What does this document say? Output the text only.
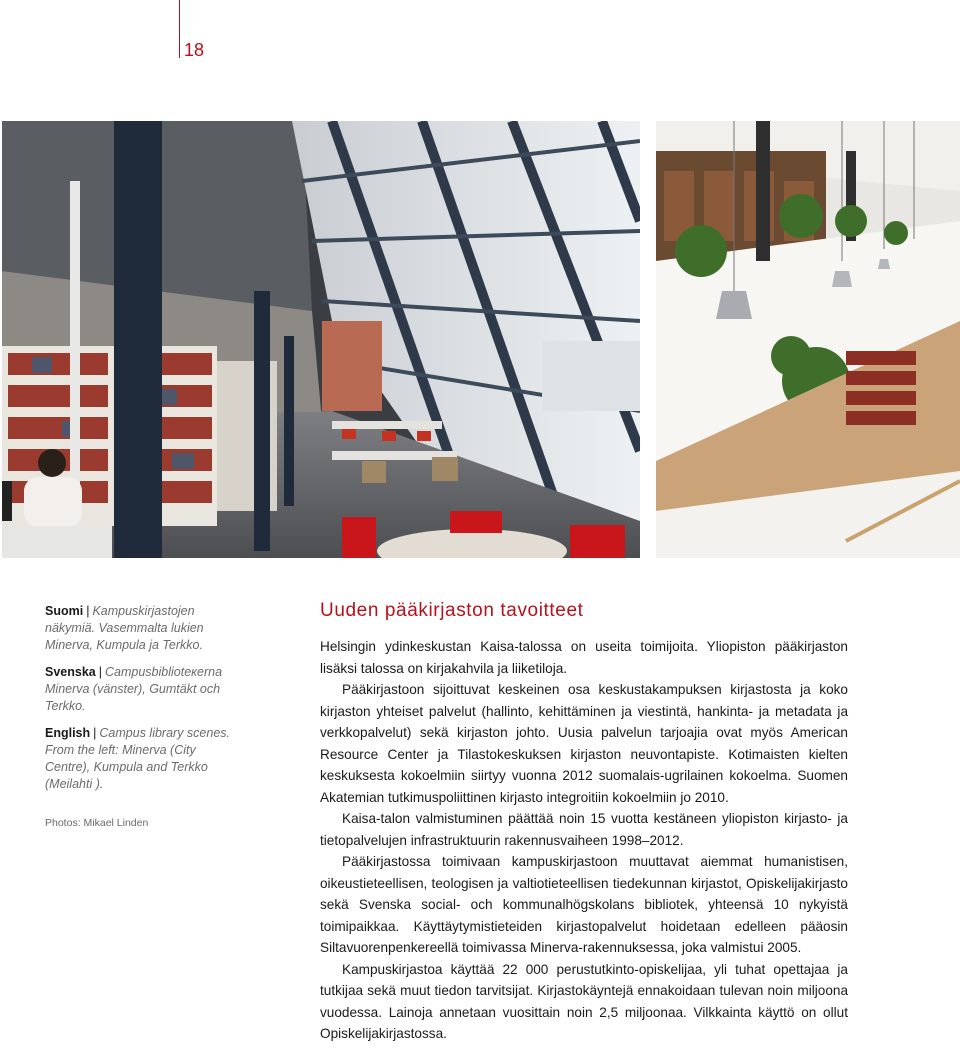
18

Suomi | Kampuskirjastojen näkymiä. Vasemmalta lukien Minerva, Kumpula ja Terkko.

Svenska | Campusbiblioteкerna Minerva (vänster), Gumtäkt och Terkko.

English | Campus library scenes. From the left: Minerva (City Centre), Kumpula and Terkko (Meilahti ).

Photos: Mikael Linden
Uuden pääkirjaston tavoitteet

Helsingin ydinkeskustan Kaisa-talossa on useita toimijoita. Yliopiston pääkirjaston lisäksi talossa on kirjakahvila ja liiketiloja.

Pääkirjastoon sijoittuvat keskeinen osa keskustakampuksen kirjastosta ja koko kirjaston yhteiset palvelut (hallinto, kehittäminen ja viestintä, hankinta- ja metadata ja verkkopalvelut) sekä kirjaston johto. Uusia palvelun tarjoajia ovat myös American Resource Center ja Tilastokeskuksen kirjaston neuvontapiste. Kotimaisten kielten keskuksesta kokoelmiin siirtyy vuonna 2012 suomalais-ugrilainen kokoelma. Suomen Akatemian tutkimuspoliittinen kirjasto integroitiin kokoelmiin jo 2010.

Kaisa-talon valmistuminen päättää noin 15 vuotta kestäneen yliopiston kirjasto- ja tietopalvelujen infrastruktuurin rakennusvaiheen 1998–2012.

Pääkirjastossa toimivaan kampuskirjastoon muuttavat aiemmat humanistisen, oikeustieteellisen, teologisen ja valtiotieteellisen tiedekunnan kirjastot, Opiskelijakirjasto sekä Svenska social- och kommunalhögskolans bibliotek, yhteensä 10 nykyistä toimipaikkaa. Käyttäytymistieteiden kirjastopalvelut hoidetaan edelleen pääosin Siltavuorenpenkereellä toimivassa Minerva-rakennuksessa, joka valmistui 2005.

Kampuskirjastoa käyttää 22 000 perustutkinto-opiskelijaa, yli tuhat opettajaa ja tutkijaa sekä muut tiedon tarvitsijat. Kirjastokäyntejä ennakoidaan tulevan noin miljoona vuodessa. Lainoja annetaan vuosittain noin 2,5 miljoonaa. Vilkkainta käyttö on ollut Opiskelijakirjastossa.
